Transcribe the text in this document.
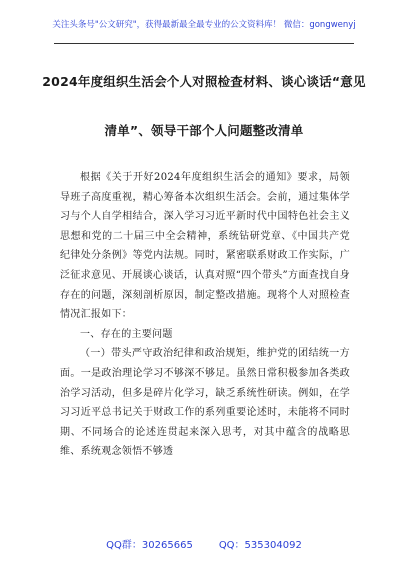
关注头条号"公文研究"，获得最新最全最专业的公文资料库！ 微信：gongwenyj
2024年度组织生活会个人对照检查材料、谈心谈话“意见
清单”、领导干部个人问题整改清单

根据《关于开好2024年度组织生活会的通知》要求，局领导班子高度重视，精心筹备本次组织生活会。会前，通过集体学习与个人自学相结合，深入学习习近平新时代中国特色社会主义思想和党的二十届三中全会精神，系统钻研党章、《中国共产党纪律处分条例》等党内法规。同时，紧密联系财政工作实际，广泛征求意见、开展谈心谈话，认真对照“四个带头”方面查找自身存在的问题，深刻剖析原因，制定整改措施。现将个人对照检查情况汇报如下：

一、存在的主要问题

（一）带头严守政治纪律和政治规矩，维护党的团结统一方面。一是政治理论学习不够深不够足。虽然日常积极参加各类政治学习活动，但多是碎片化学习，缺乏系统性研读。例如，在学习习近平总书记关于财政工作的系列重要论述时，未能将不同时期、不同场合的论述连贯起来深入思考，对其中蕴含的战略思维、系统观念领悟不够透

QQ群：30265665	QQ：535304092
